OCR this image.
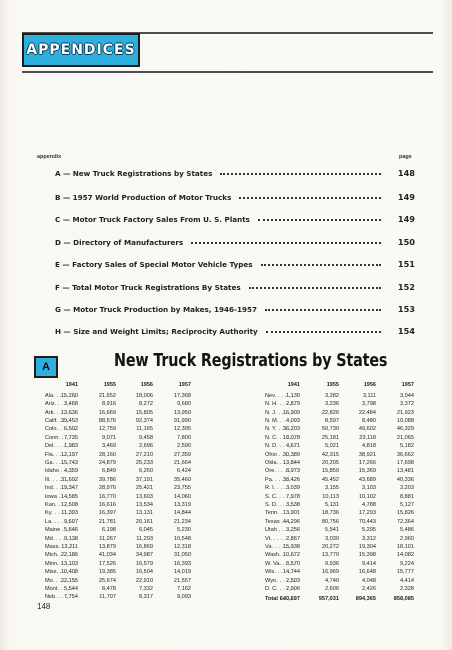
APPENDICES
appendix	page
A — New Truck Registrations by States	148
B — 1957 World Production of Motor Trucks	149
C — Motor Truck Factory Sales From U. S. Plants	149
D — Directory of Manufacturers	150
E — Factory Sales of Special Motor Vehicle Types	151
F — Total Motor Truck Registrations By States	152
G — Motor Truck Production by Makes, 1946-1957	153
H — Size and Weight Limits; Reciprocity Authority	154
A	New Truck Registrations by States
1941	1955	1956	1957	1941	1955	1956	1957
Ala. . . .	15,260	21,652	18,006	17,368
Ariz. . . .	3,468	8,916	8,272	9,680
Ark. . . .	13,636	16,669	15,805	13,950
Calif. . . . 39,453	88,576	92,374	91,990
Colo. . . .	6,502	12,759	11,165	12,395
Conn. . . . 7,735	9,071	9,458	7,800
Del. . . .	1,983	3,469	2,696	2,590
Fla. . . .	12,197	28,160	27,210	27,359
Ga. . . .	15,743	24,879	25,233	21,664
Idaho . . . 4,359	6,849	6,260	6,424
Ill. . . .	31,692	39,786	37,191	35,460
Ind. . . .	19,347	28,976	25,421	23,755
Iowa . . . 14,585	16,770	13,603	14,060
Kan. . . . 12,508	16,616	13,534	13,319
Ky. . . .	11,393	16,397	13,131	14,844
La. . . .	9,607	21,781	20,161	21,234
Maine . . . 5,646	6,198	6,045	5,230
Md. . . .	9,138	11,267	11,293	10,548
Mass. . . . 13,211	13,879	16,869	12,318
Mich. . . . 22,186	41,034	34,987	31,050
Minn. . . . 13,103	17,526	16,579	16,393
Miss. . . . 10,408	19,385	16,504	14,019
Mo. . . .	22,155	25,674	22,910	21,557
Mont. . . . 5,544	8,478	7,332	7,162
Neb. . . .	7,754	11,707	8,317	9,093
Nev. . . .	1,130	3,282	3,111	3,044
N. H. . . .	2,879	3,236	3,798	3,372
N. J. . . .	16,909	22,826	22,484	21,923
N. M. . . .	4,093	8,597	8,480	10,088
N. Y. . . .	36,203	50,730	49,602	46,329
N. C. . . . 18,078	25,181	23,118	21,065
N. D. . . .	4,671	5,021	4,818	5,182
Ohio . . .	30,389	42,315	38,921	36,662
Okla. . . . 13,844	20,205	17,266	17,698
Ore. . . .	8,973	15,859	15,369	13,481
Pa. . . .	38,426	45,452	43,689	40,336
R. I. . . .	3,039	3,155	3,103	3,203
S. C. . . .	7,978	10,113	10,102	8,881
S. D. . . .	3,538	5,131	4,788	5,127
Tenn. . . . 13,901	18,736	17,293	15,826
Texas . . . 44,296	80,756	70,443	72,364
Utah . . .	3,256	5,541	5,295	5,486
Vt. . . .	2,867	3,030	3,312	2,960
Va. . . .	15,938	20,272	19,304	18,101
Wash. . . . 10,672	13,770	15,398	14,082
W. Va. . . . 8,570	9,936	9,414	9,224
Wis. . . .	14,744	16,969	16,648	15,777
Wyo. . . .	2,503	4,740	4,048	4,414
D. C. . . .	2,906	2,606	2,426	2,328
Total . . . 640,697	957,031	894,365	858,085
148
